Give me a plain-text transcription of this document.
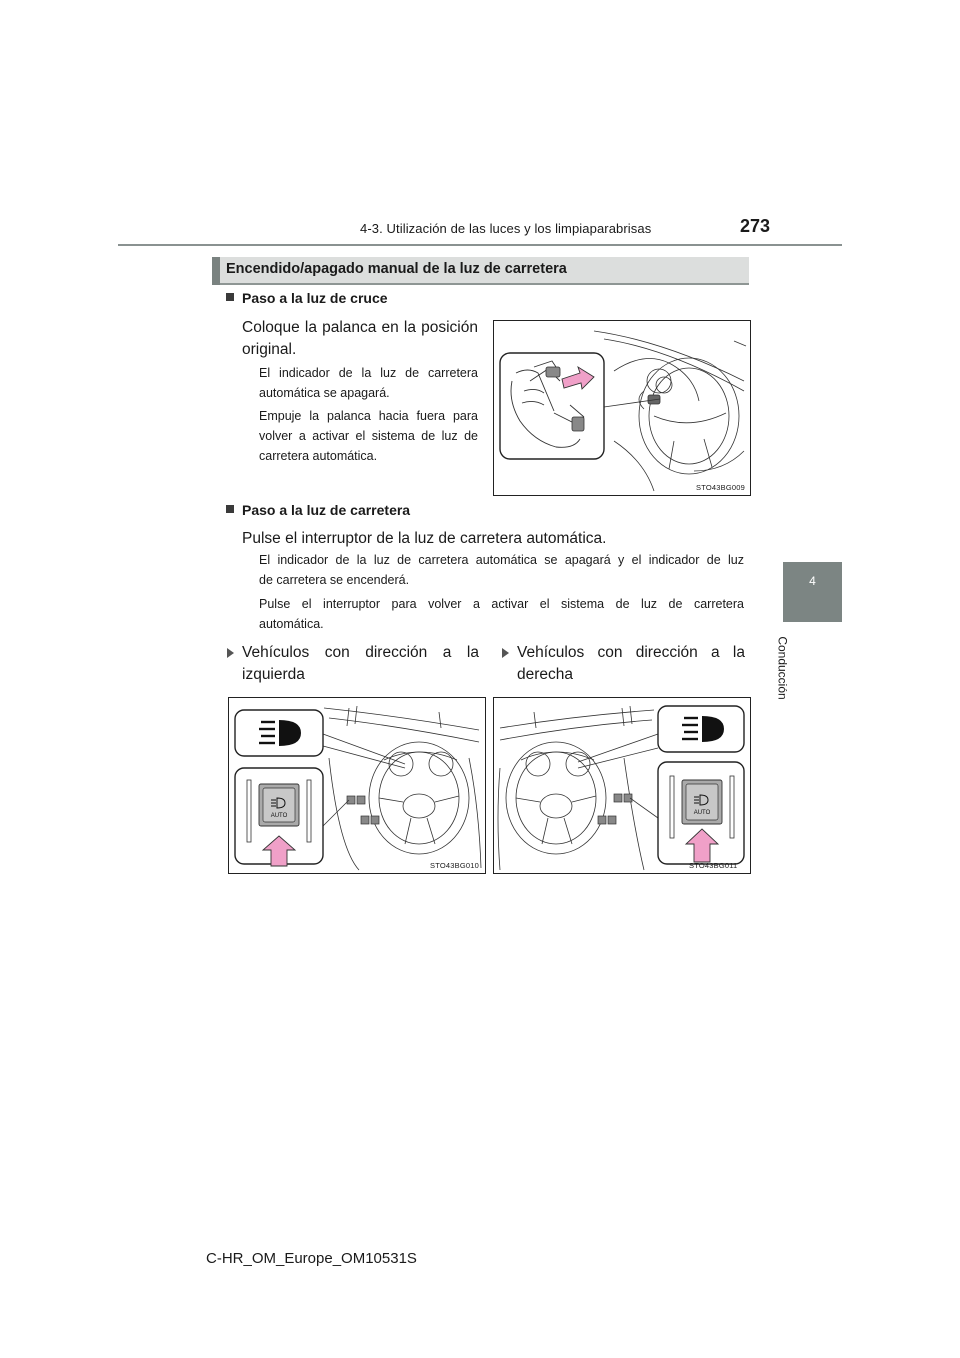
4-3. Utilización de las luces y los limpiaparabrisas	273
4
Conducción
Encendido/apagado manual de la luz de carretera
Paso a la luz de cruce
Coloque la palanca en la posición
original.
El indicador de la luz de carretera
automática se apagará.
Empuje la palanca hacia fuera para
volver a activar el sistema de luz de
carretera automática.
STO43BG009
Paso a la luz de carretera
Pulse el interruptor de la luz de carretera automática.
El indicador de la luz de carretera automática se apagará y el indicador de luz
de carretera se encenderá.
Pulse el interruptor para volver a activar el sistema de luz de carretera
automática.
Vehículos con dirección a la
izquierda
Vehículos con dirección a la
derecha
AUTO
STO43BG010
AUTO
STO43BG011
C-HR_OM_Europe_OM10531S
